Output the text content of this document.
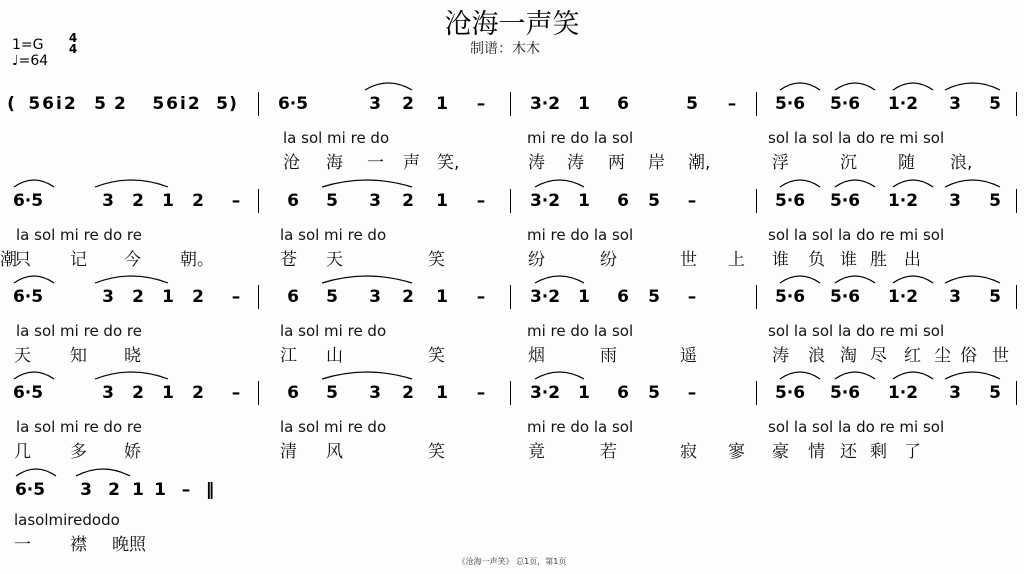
沧海一声笑
制谱：木木
1=G
♩=64
4
4
( 56i2 52	56i2 5 ) 6·5	3 2 1	–	3·2 1 6	5	–	5·6 5·6 1·2 3 5
la sol mi re do	mi re do la sol	sol la sol la do re mi sol
沧 海 一 声 笑,	涛 涛 两 岸 潮,	浮	沉 随 浪,
6·5	3 2 1 2	–	6 5 3 2 1	–	3·2 1 6 5	–	5·6 5·6 1·2 3 5
la sol mi re do re	la sol mi re do	mi re do la sol	sol la sol la do re mi sol
只 记 今 朝。	苍 天	笑	纷	纷	世 上
潮	谁 负 谁 胜 出
6·5	3 2 1 2	–	6 5 3 2 1	–	3·2 1 6 5	–	5·6 5·6 1·2 3 5
la sol mi re do re	la sol mi re do	mi re do la sol	sol la sol la do re mi sol
天 知 晓	江 山	笑	烟	雨	遥	涛 浪 淘 尽 红 尘 俗 世
6·5	3 2 1 2	–	6 5 3 2 1	–	3·2 1 6 5	–	5·6 5·6 1·2 3 5
la sol mi re do re	la sol mi re do	mi re do la sol	sol la sol la do re mi sol
几 多 娇	清 风	笑	竟	若	寂 寥 豪 情 还 剩 了
6·5 3 2 1 1 – ‖
lasolmiredodo
一 襟 晚照
《沧海一声笑》 总1页，第1页
